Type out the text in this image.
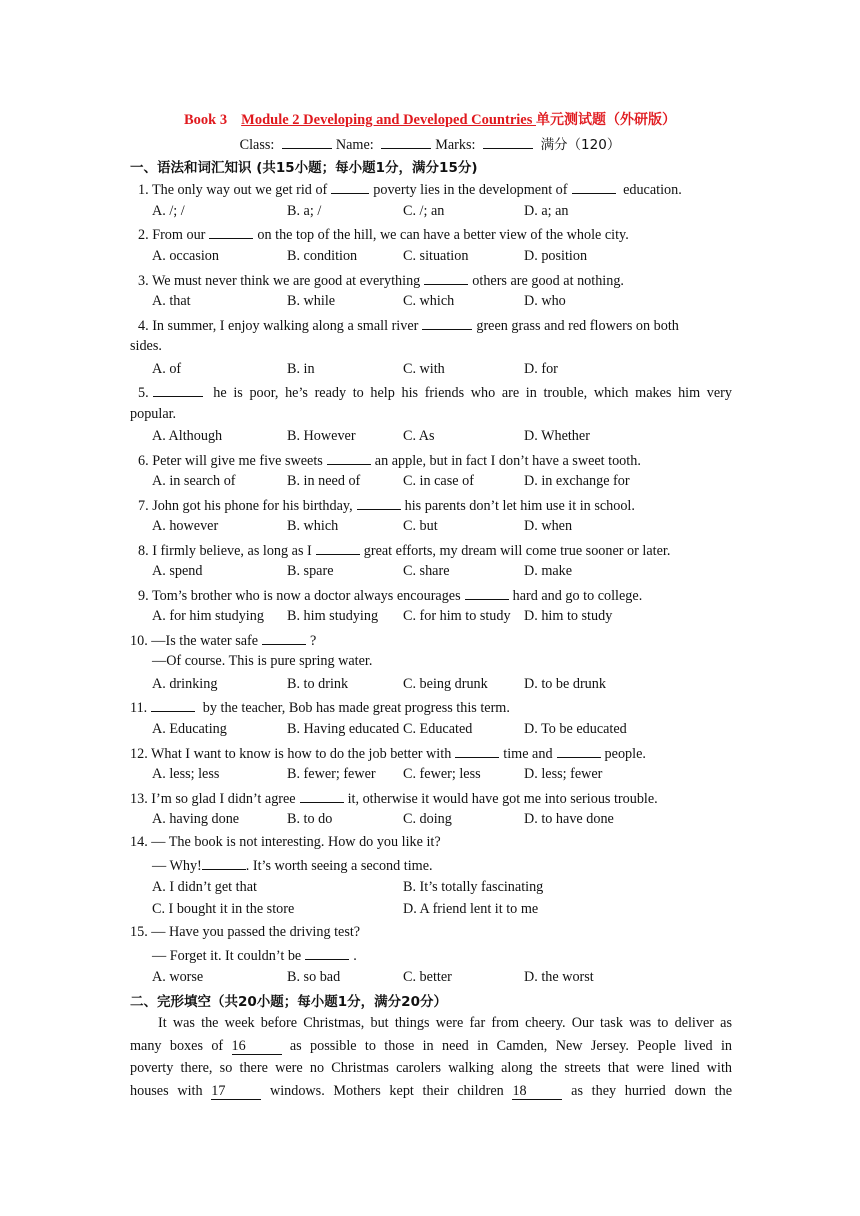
Book 3 Module 2 Developing and Developed Countries 单元测试题（外研版）
Class:	Name:	Marks:	满分（120）
一、语法和词汇知识 (共15小题；每小题1分，满分15分)
1. The only way out we get rid of	poverty lies in the development of	education.
A. /; /	B. a; /	C. /; an	D. a; an
2. From our	on the top of the hill, we can have a better view of the whole city.
A. occasion	B. condition	C. situation	D. position
3. We must never think we are good at everything	others are good at nothing.
A. that	B. while	C. which	D. who
4. In summer, I enjoy walking along a small river	green grass and red flowers on both
sides.
A. of	B. in	C. with	D. for
5.	he is poor, he’s ready to help his friends who are in trouble, which makes him very
popular.
A. Although	B. However	C. As	D. Whether
6. Peter will give me five sweets	an apple, but in fact I don’t have a sweet tooth.
A. in search of	B. in need of	C. in case of	D. in exchange for
7. John got his phone for his birthday,	his parents don’t let him use it in school.
A. however	B. which	C. but	D. when
8. I firmly believe, as long as I	great efforts, my dream will come true sooner or later.
A. spend	B. spare	C. share	D. make
9. Tom’s brother who is now a doctor always encourages	hard and go to college.
A. for him studying B. him studying C. for him to study D. him to study
10. —Is the water safe	?
—Of course. This is pure spring water.
A. drinking	B. to drink	C. being drunk	D. to be drunk
11.	by the teacher, Bob has made great progress this term.
A. Educating	B. Having educated C. Educated	D. To be educated
12. What I want to know is how to do the job better with	time and	people.
A. less; less	B. fewer; fewer C. fewer; less	D. less; fewer
13. I’m so glad I didn’t agree	it, otherwise it would have got me into serious trouble.
A. having done	B. to do	C. doing	D. to have done
14. — The book is not interesting. How do you like it?
— Why!	. It’s worth seeing a second time.
A. I didn’t get that	B. It’s totally fascinating
C. I bought it in the store	D. A friend lent it to me
15. — Have you passed the driving test?
— Forget it. It couldn’t be	.
A. worse	B. so bad	C. better	D. the worst
二、完形填空（共20小题；每小题1分，满分20分）
It was the week before Christmas, but things were far from cheery. Our task was to deliver as
many boxes of 16	as possible to those in need in Camden, New Jersey. People lived in
poverty there, so there were no Christmas carolers walking along the streets that were lined with
houses with 17	windows. Mothers kept their children 18	as they hurried down the
